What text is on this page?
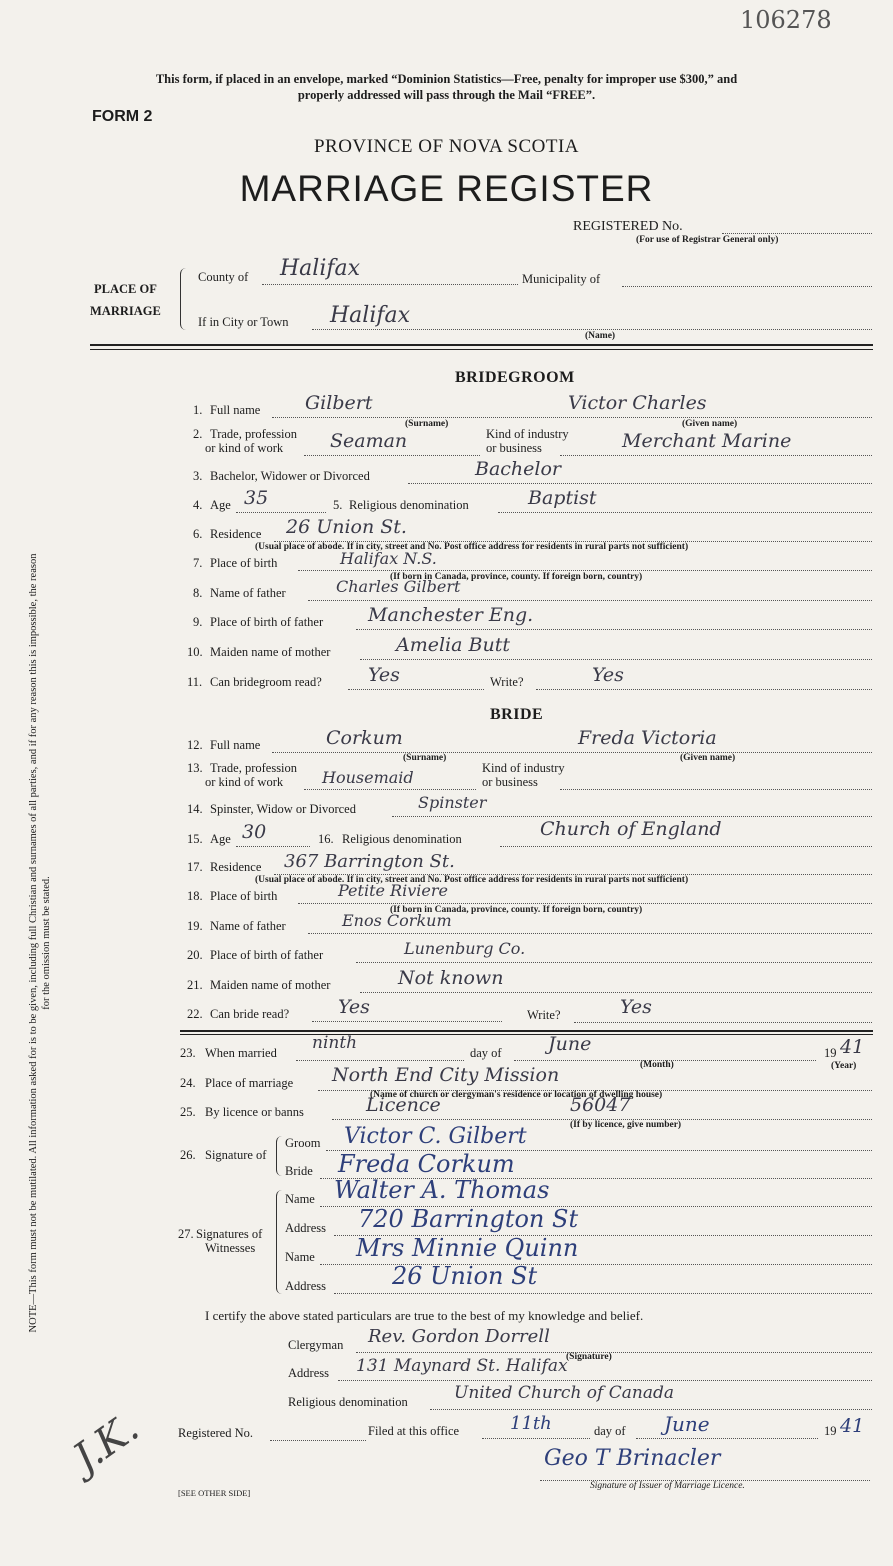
106278
This form, if placed in an envelope, marked “Dominion Statistics—Free, penalty for improper use $300,” and
properly addressed will pass through the Mail “FREE”.
FORM 2
PROVINCE OF NOVA SCOTIA
MARRIAGE REGISTER
REGISTERED No.
(For use of Registrar General only)
PLACE OF
MARRIAGE
County of Halifax	Municipality of
If in City or Town Halifax
(Name)
BRIDEGROOM
1. Full name Gilbert	Victor Charles
(Surname)	(Given name)
2. Trade, profession
or kind of work Seaman	Kind of industry
or business	Merchant Marine
3. Bachelor, Widower or Divorced	Bachelor
4. Age 35	5. Religious denomination	Baptist
6. Residence 26 Union St.
(Usual place of abode. If in city, street and No. Post office address for residents in rural parts not sufficient)
7. Place of birth	Halifax N.S.
(If born in Canada, province, county. If foreign born, country)
8. Name of father	Charles Gilbert
9. Place of birth of father Manchester Eng.
10. Maiden name of mother	Amelia Butt
11. Can bridegroom read? Yes	Write?	Yes
BRIDE
12. Full name	Corkum	Freda Victoria
(Surname)	(Given name)
13. Trade, profession
or kind of work Housemaid	Kind of industry
or business
14. Spinster, Widow or Divorced	Spinster
15. Age 30	16. Religious denomination	Church of England
17. Residence 367 Barrington St.
(Usual place of abode. If in city, street and No. Post office address for residents in rural parts not sufficient)
18. Place of birth	Petite Riviere
(If born in Canada, province, county. If foreign born, country)
19. Name of father	Enos Corkum
20. Place of birth of father	Lunenburg Co.
21. Maiden name of mother	Not known
22. Can bride read?	Yes	Write?	Yes
23. When married ninth	day of June	19 41
(Month)	(Year)
24. Place of marriage North End City Mission
(Name of church or clergyman's residence or location of dwelling house)
25. By licence or banns	Licence	56047
(If by licence, give number)
26. Signature of
Groom Victor C. Gilbert
Bride Freda Corkum
27. Signatures of
Witnesses
Name Walter A. Thomas
Address 720 Barrington St
Name Mrs Minnie Quinn
Address	26 Union St
I certify the above stated particulars are true to the best of my knowledge and belief.
Clergyman Rev. Gordon Dorrell
(Signature)
Address 131 Maynard St. Halifax
Religious denomination	United Church of Canada
Registered No.	Filed at this office	11th	day of June	19 41
Geo T Brinacler
Signature of Issuer of Marriage Licence.
[SEE OTHER SIDE]
NOTE—This form must not be mutilated. All information asked for is to be given, including full Christian and surnames of all parties, and if for any reason this is impossible, the reason for the omission must be stated.
J.K.
